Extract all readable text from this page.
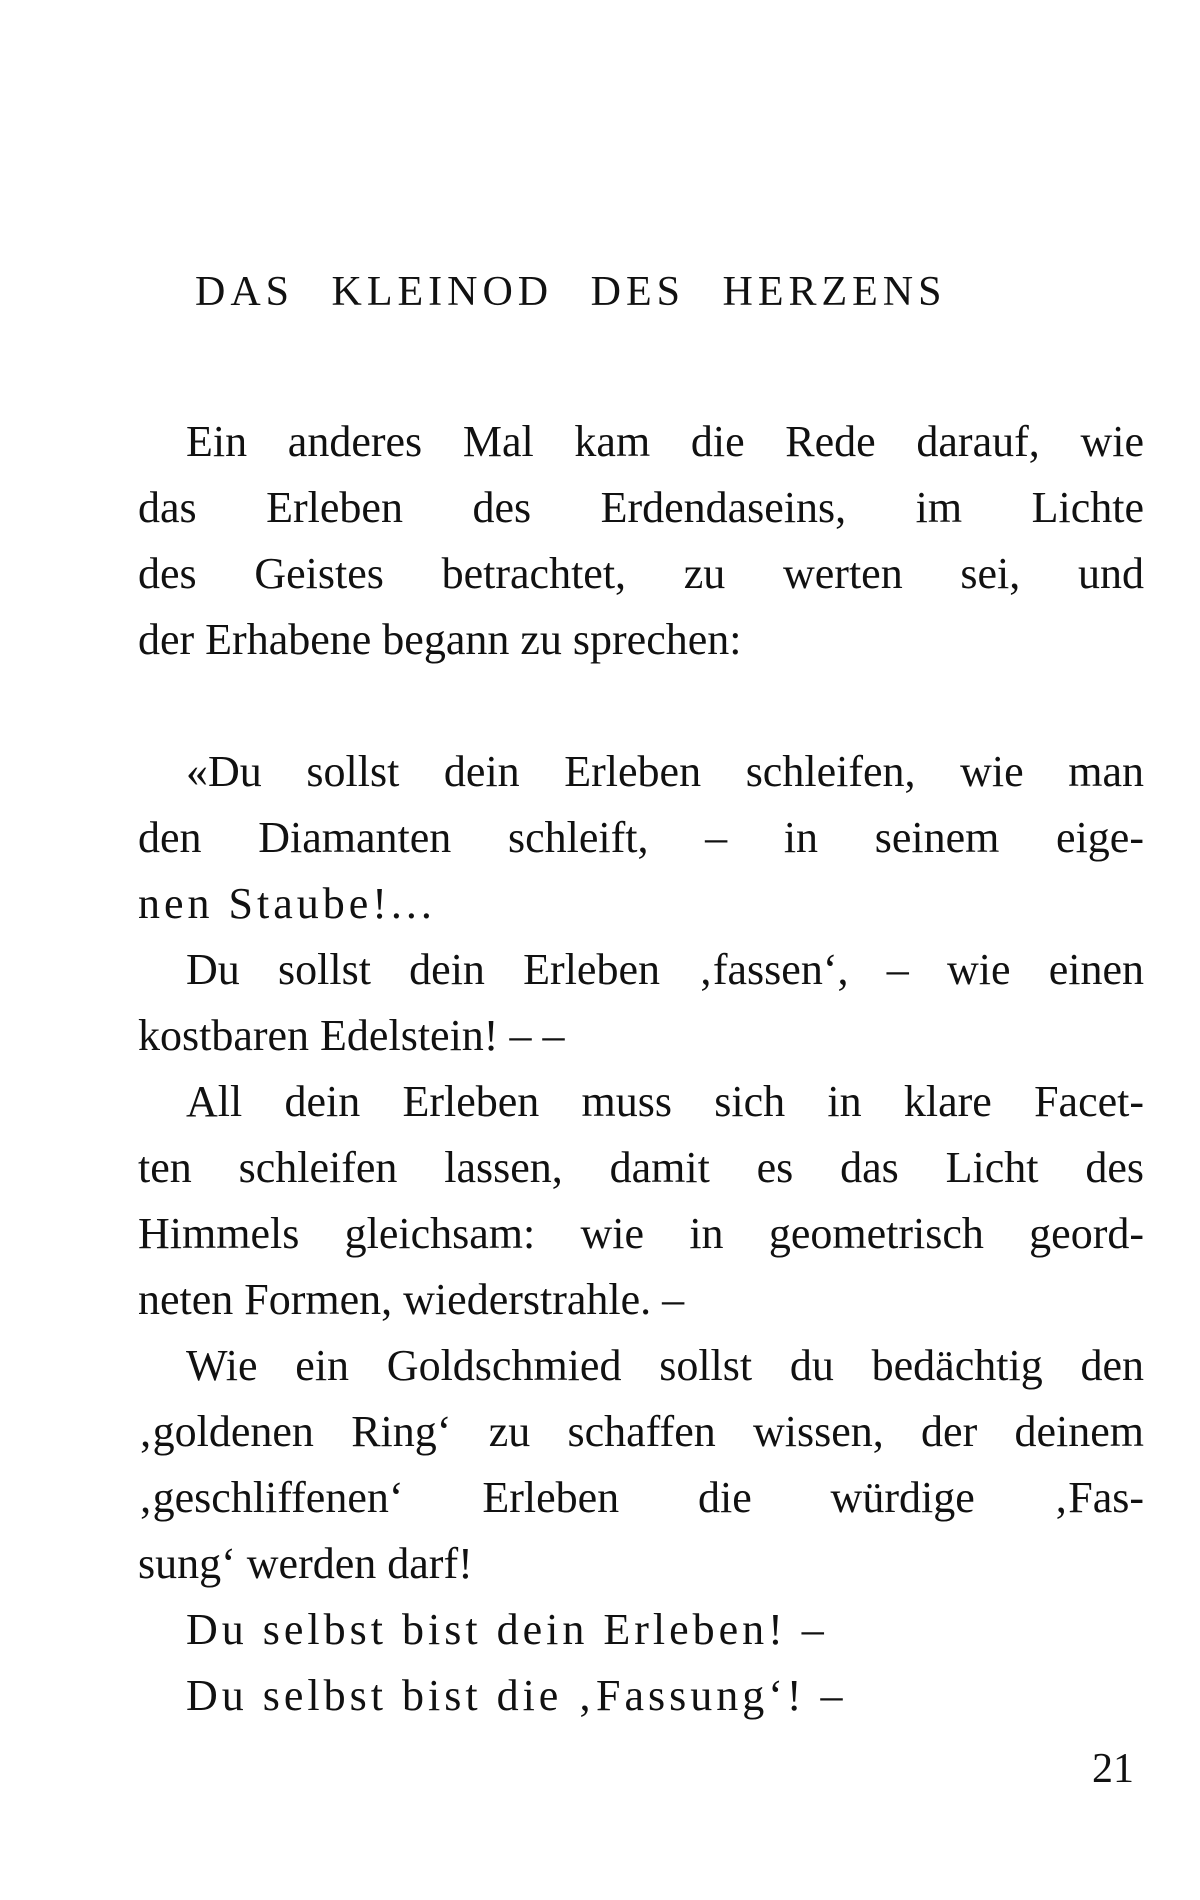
DAS KLEINOD DES HERZENS

Ein anderes Mal kam die Rede darauf, wie

das Erleben des Erdendaseins, im Lichte

des Geistes betrachtet, zu werten sei, und

der Erhabene begann zu sprechen:

«Du sollst dein Erleben schleifen, wie man

den Diamanten schleift, – in seinem eige-

nen Staube!...

Du sollst dein Erleben ‚fassen‘, – wie einen

kostbaren Edelstein! – –

All dein Erleben muss sich in klare Facet-

ten schleifen lassen, damit es das Licht des

Himmels gleichsam: wie in geometrisch geord-

neten Formen, wiederstrahle. –

Wie ein Goldschmied sollst du bedächtig den

‚goldenen Ring‘ zu schaffen wissen, der deinem

‚geschliffenen‘ Erleben die würdige ‚Fas-

sung‘ werden darf!

Du selbst bist dein Erleben! –

Du selbst bist die ‚Fassung‘! –

21
